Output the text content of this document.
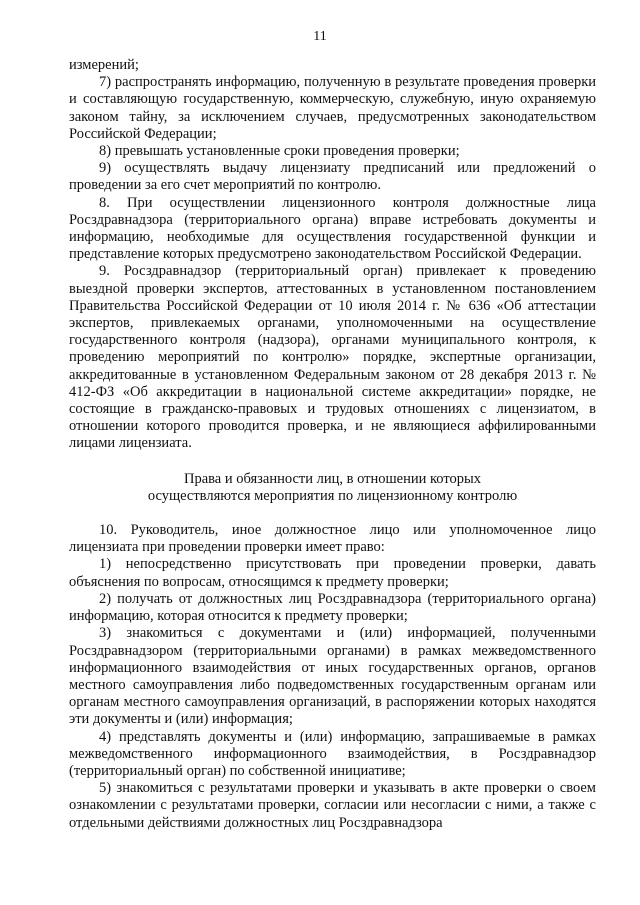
11

измерений;

7) распространять информацию, полученную в результате проведения проверки и составляющую государственную, коммерческую, служебную, иную охраняемую законом тайну, за исключением случаев, предусмотренных законодательством Российской Федерации;

8) превышать установленные сроки проведения проверки;

9) осуществлять выдачу лицензиату предписаний или предложений о проведении за его счет мероприятий по контролю.

8. При осуществлении лицензионного контроля должностные лица Росздравнадзора (территориального органа) вправе истребовать документы и информацию, необходимые для осуществления государственной функции и представление которых предусмотрено законодательством Российской Федерации.

9. Росздравнадзор (территориальный орган) привлекает к проведению выездной проверки экспертов, аттестованных в установленном постановлением Правительства Российской Федерации от 10 июля 2014 г. № 636 «Об аттестации экспертов, привлекаемых органами, уполномоченными на осуществление государственного контроля (надзора), органами муниципального контроля, к проведению мероприятий по контролю» порядке, экспертные организации, аккредитованные в установленном Федеральным законом от 28 декабря 2013 г. № 412-ФЗ «Об аккредитации в национальной системе аккредитации» порядке, не состоящие в гражданско-правовых и трудовых отношениях с лицензиатом, в отношении которого проводится проверка, и не являющиеся аффилированными лицами лицензиата.

Права и обязанности лиц, в отношении которых
осуществляются мероприятия по лицензионному контролю

10. Руководитель, иное должностное лицо или уполномоченное лицо лицензиата при проведении проверки имеет право:

1) непосредственно присутствовать при проведении проверки, давать объяснения по вопросам, относящимся к предмету проверки;

2) получать от должностных лиц Росздравнадзора (территориального органа) информацию, которая относится к предмету проверки;

3) знакомиться с документами и (или) информацией, полученными Росздравнадзором (территориальными органами) в рамках межведомственного информационного взаимодействия от иных государственных органов, органов местного самоуправления либо подведомственных государственным органам или органам местного самоуправления организаций, в распоряжении которых находятся эти документы и (или) информация;

4) представлять документы и (или) информацию, запрашиваемые в рамках межведомственного информационного взаимодействия, в Росздравнадзор (территориальный орган) по собственной инициативе;

5) знакомиться с результатами проверки и указывать в акте проверки о своем ознакомлении с результатами проверки, согласии или несогласии с ними, а также с отдельными действиями должностных лиц Росздравнадзора
